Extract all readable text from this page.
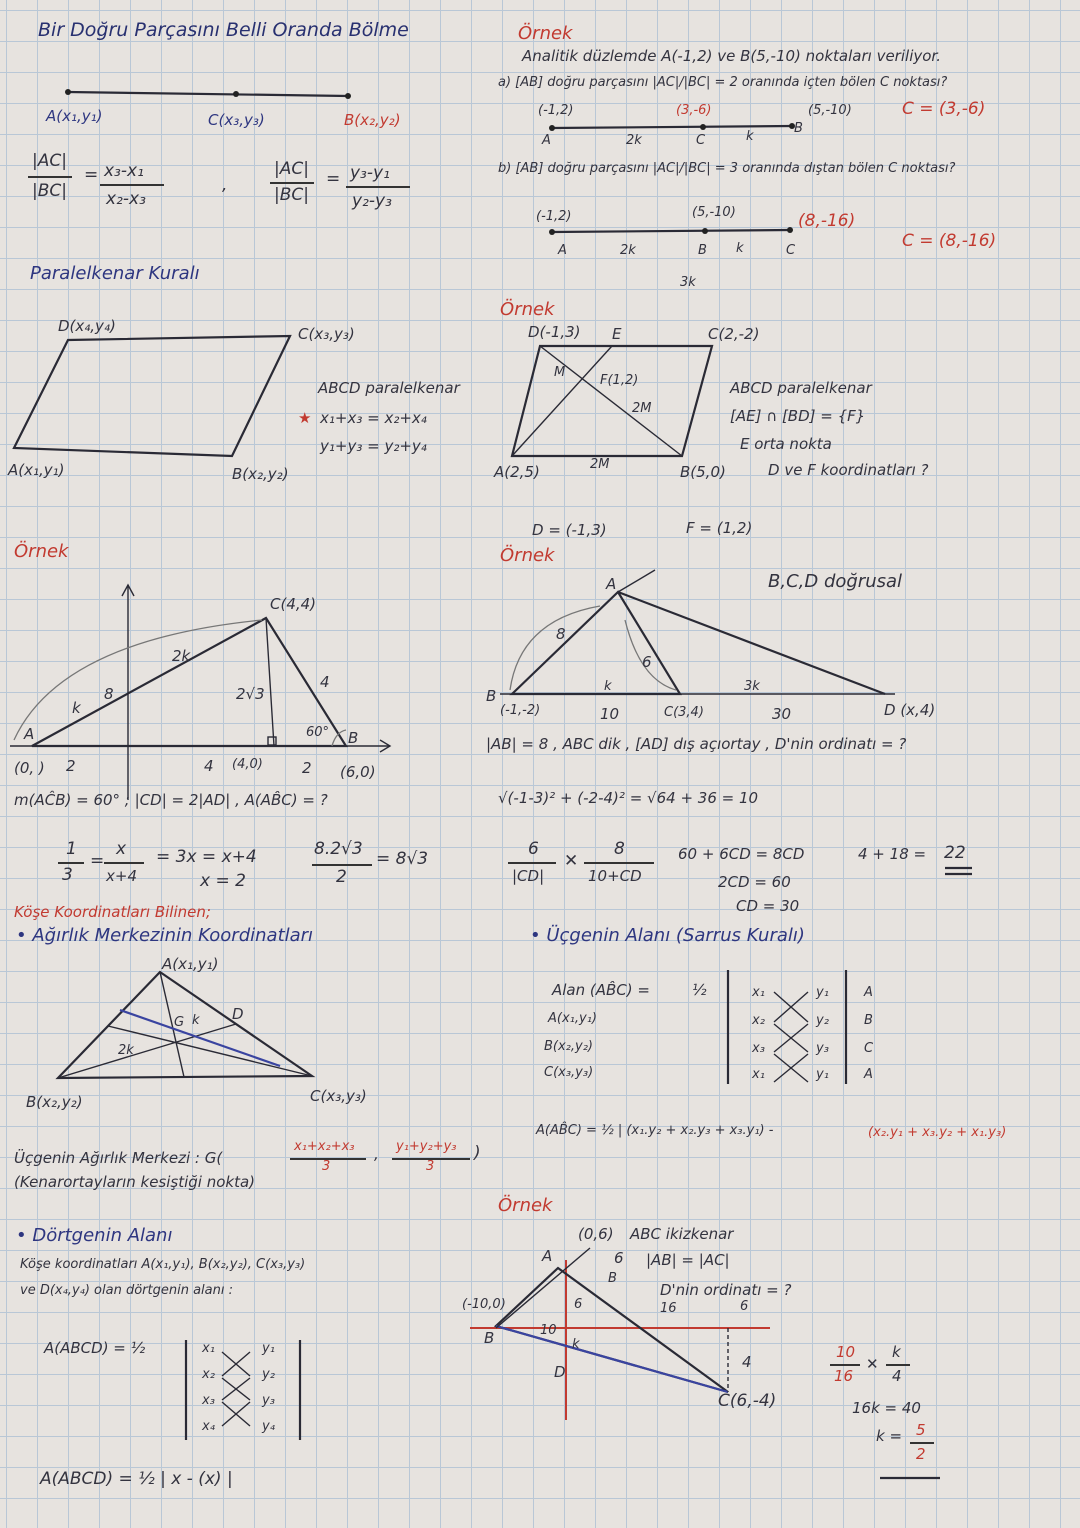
Bir Doğru Parçasını Belli Oranda Bölme
A(x₁,y₁)	C(x₃,y₃)	B(x₂,y₂)
|AC|
|BC|
= x₃-x₁
x₂-x₃
,
|AC|
|BC|
= y₃-y₁
y₂-y₃
Paralelkenar Kuralı
D(x₄,y₄)	C(x₃,y₃)
A(x₁,y₁)	B(x₂,y₂)
ABCD paralelkenar
★ x₁+x₃ = x₂+x₄
y₁+y₃ = y₂+y₄
Örnek
C(4,4)
2k
8
k
2√3
4
60°
A	B
(0, ) 2	4 (4,0)	2 (6,0)
m(AĈB) = 60° ; |CD| = 2|AD| , A(AB̂C) = ?
1
3
=
x
x+4
= 3x = x+4
x = 2
8.2√3
2
= 8√3
Köşe Koordinatları Bilinen;
• Ağırlık Merkezinin Koordinatları
A(x₁,y₁)
D
G k
2k
B(x₂,y₂)	C(x₃,y₃)
Üçgenin Ağırlık Merkezi : G(
x₁+x₂+x₃
3
, y₁+y₂+y₃
3
)
(Kenarortayların kesiştiği nokta)
• Dörtgenin Alanı
Köşe koordinatları A(x₁,y₁), B(x₂,y₂), C(x₃,y₃)
ve D(x₄,y₄) olan dörtgenin alanı :
A(ABCD) = ½	x₁	y₁
x₂	y₂
x₃	y₃
x₄	y₄
A(ABCD) = ½ | x - (x) |
Örnek
Analitik düzlemde A(-1,2) ve B(5,-10) noktaları veriliyor.
a) [AB] doğru parçasını |AC|/|BC| = 2 oranında içten bölen C noktası?
(-1,2)	(3,-6)	(5,-10)
A	2k	C	k
B
C = (3,-6)
b) [AB] doğru parçasını |AC|/|BC| = 3 oranında dıştan bölen C noktası?
(-1,2)	(5,-10)	(8,-16)
A	2k	B k	C
3k
C = (8,-16)
Örnek
D(-1,3) E	C(2,-2)
F(1,2)
M
2M
A(2,5)	2M	B(5,0)
ABCD paralelkenar
[AE] ∩ [BD] = {F}
E orta nokta
D ve F koordinatları ?
D = (-1,3)	F = (1,2)
Örnek
B,C,D doğrusal
A
8
6
k	3k
B
(-1,-2)	10	C(3,4)	30	D (x,4)
|AB| = 8 , ABC dik , [AD] dış açıortay , D'nin ordinatı = ?
√(-1-3)² + (-2-4)² = √64 + 36 = 10
6
|CD|
✕
8
10+CD
60 + 6CD = 8CD
2CD = 60
CD = 30
4 + 18 = 22
• Üçgenin Alanı (Sarrus Kuralı)
Alan (AB̂C) =	½
A(x₁,y₁)
B(x₂,y₂)
C(x₃,y₃)
x₁	y₁	A
x₂	y₂	B
x₃	y₃	C
x₁	y₁	A
A(AB̂C) = ½ | (x₁.y₂ + x₂.y₃ + x₃.y₁) -	(x₂.y₁ + x₃.y₂ + x₁.y₃)
Örnek
(0,6) ABC ikizkenar
A	6
B
|AB| = |AC|
D'nin ordinatı = ?
(-10,0)
B	10
6	16	6
k
D
4
C(6,-4)
10
16
✕
k
4
16k = 40
k = 5
2
